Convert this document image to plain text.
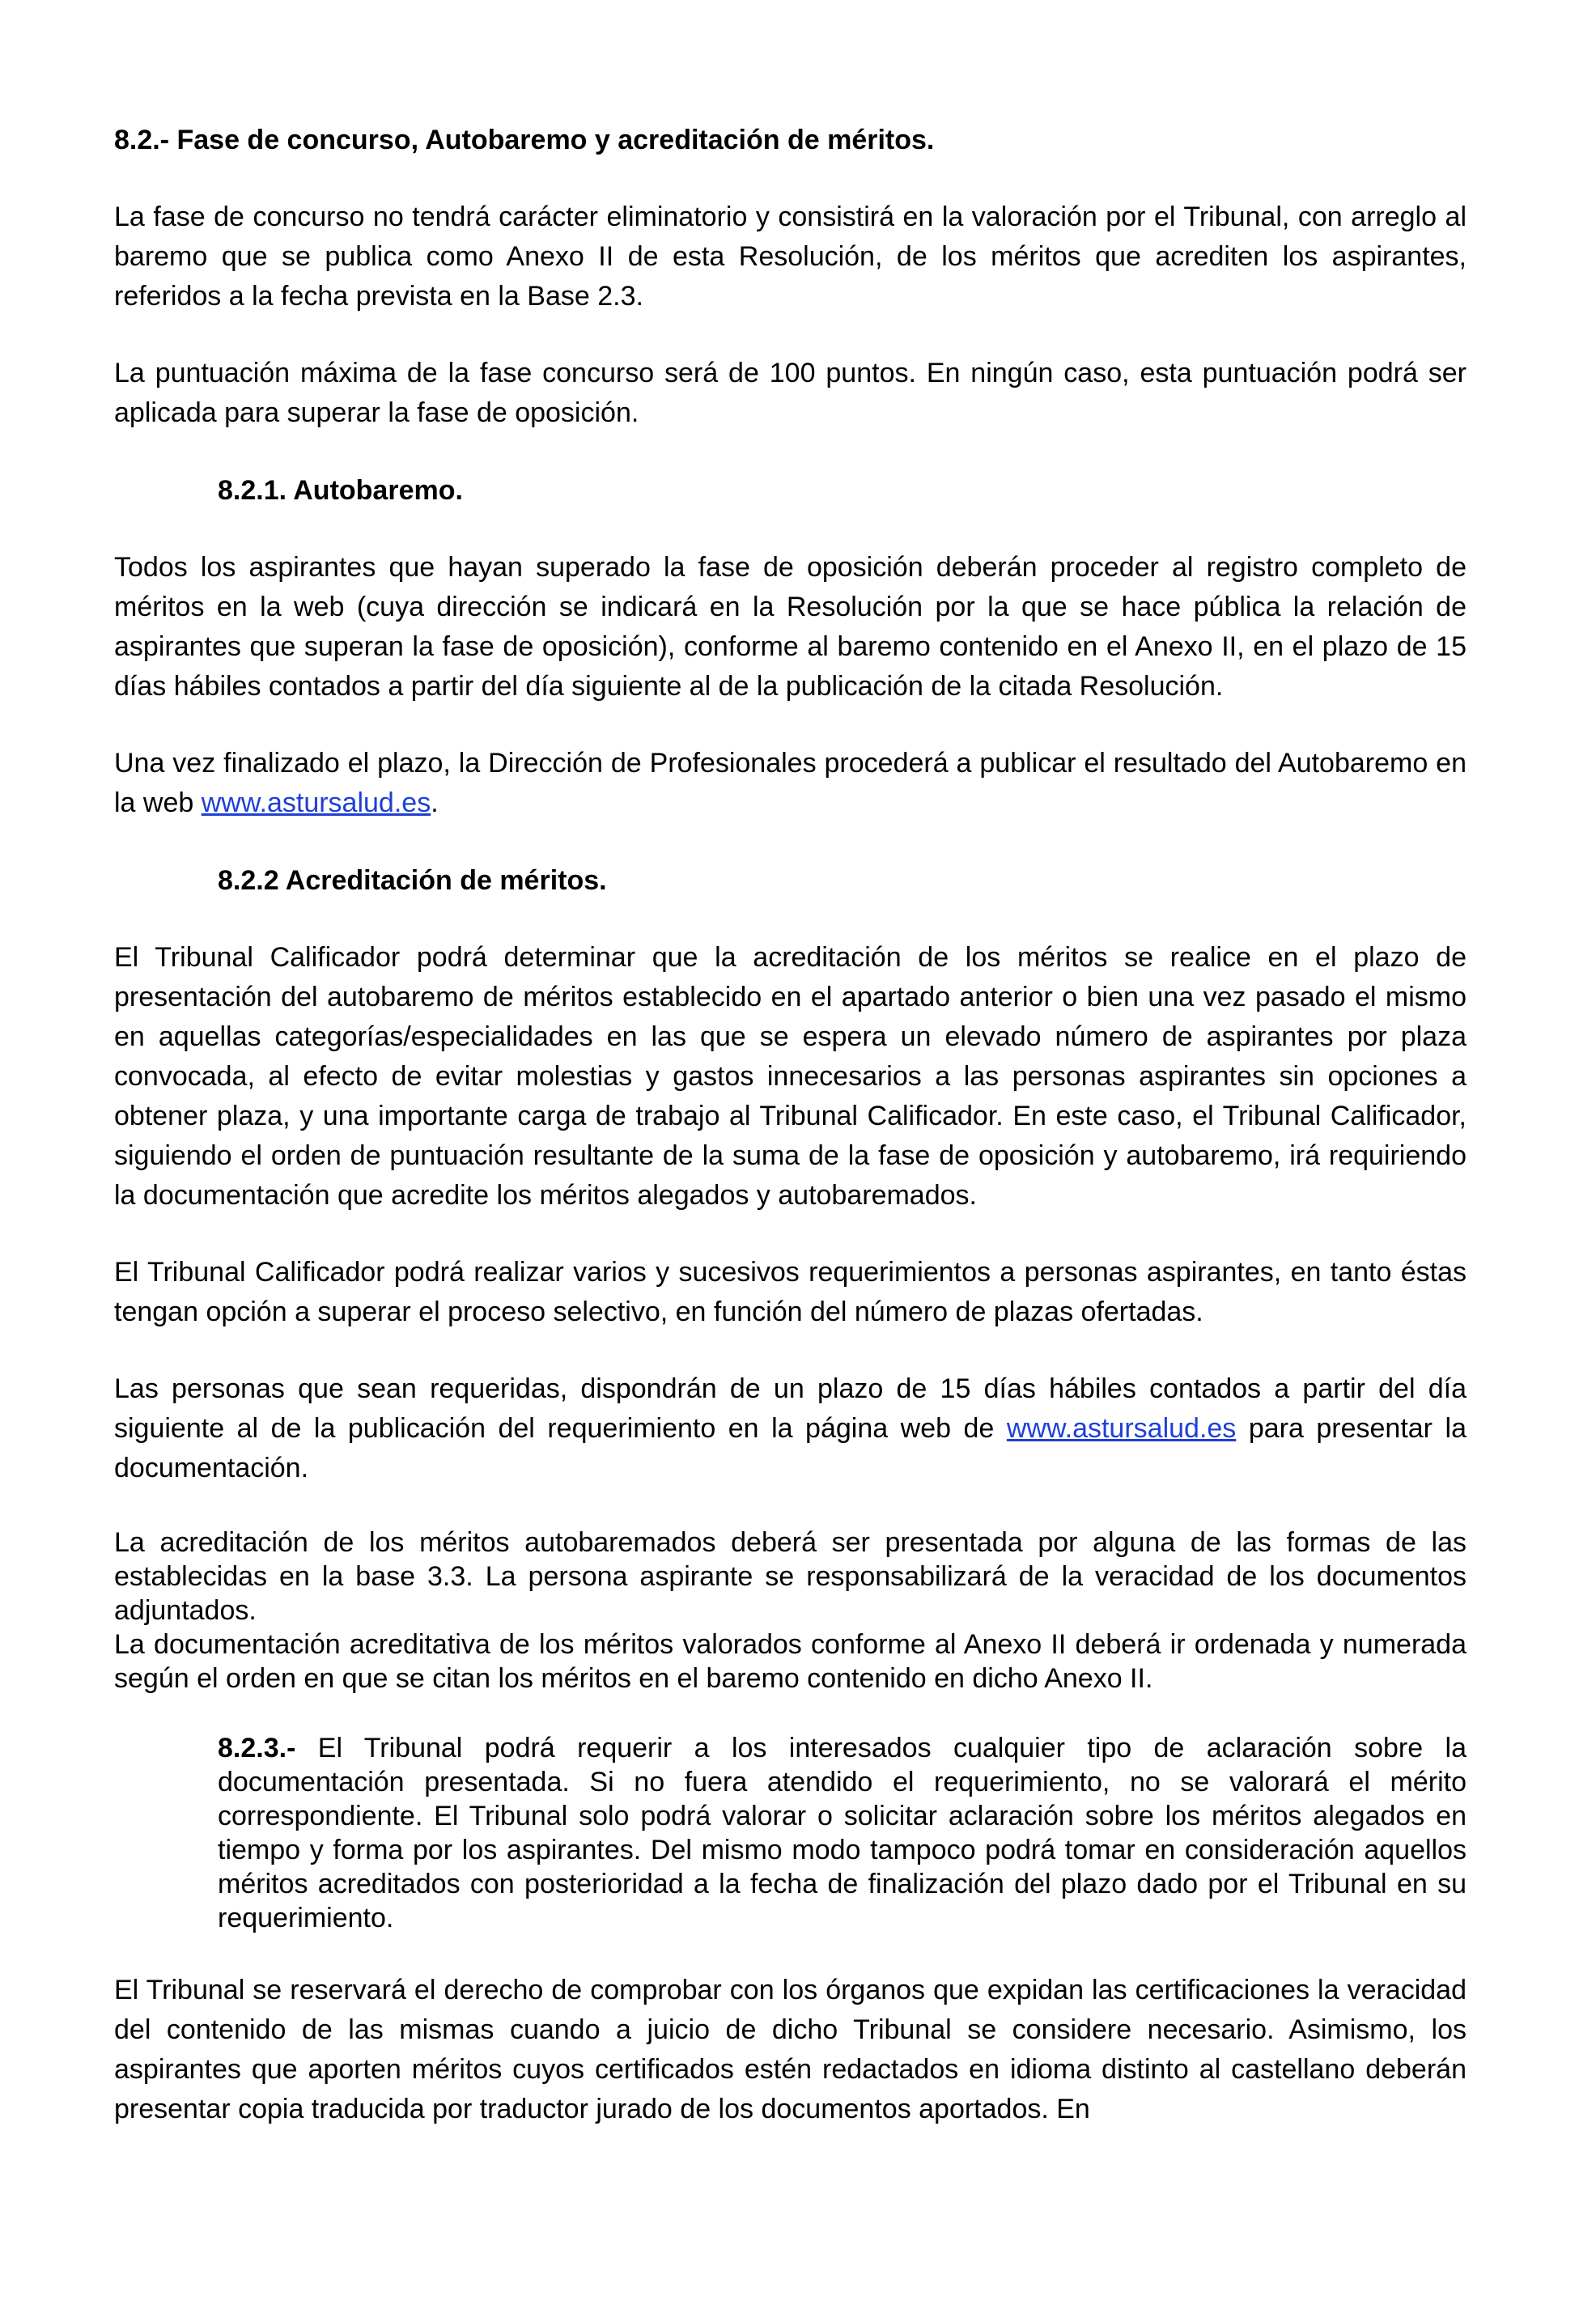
8.2.- Fase de concurso, Autobaremo y acreditación de méritos.

La fase de concurso no tendrá carácter eliminatorio y consistirá en la valoración por el Tribunal, con arreglo al baremo que se publica como Anexo II de esta Resolución, de los méritos que acrediten los aspirantes, referidos a la fecha prevista en la Base 2.3.

La puntuación máxima de la fase concurso será de 100 puntos. En ningún caso, esta puntuación podrá ser aplicada para superar la fase de oposición.

8.2.1. Autobaremo.

Todos los aspirantes que hayan superado la fase de oposición deberán proceder al registro completo de méritos en la web (cuya dirección se indicará en la Resolución por la que se hace pública la relación de aspirantes que superan la fase de oposición), conforme al baremo contenido en el Anexo II, en el plazo de 15 días hábiles contados a partir del día siguiente al de la publicación de la citada Resolución.

Una vez finalizado el plazo, la Dirección de Profesionales procederá a publicar el resultado del Autobaremo en la web www.astursalud.es.

8.2.2 Acreditación de méritos.

El Tribunal Calificador podrá determinar que la acreditación de los méritos se realice en el plazo de presentación del autobaremo de méritos establecido en el apartado anterior o bien una vez pasado el mismo en aquellas categorías/especialidades en las que se espera un elevado número de aspirantes por plaza convocada, al efecto de evitar molestias y gastos innecesarios a las personas aspirantes sin opciones a obtener plaza, y una importante carga de trabajo al Tribunal Calificador. En este caso, el Tribunal Calificador, siguiendo el orden de puntuación resultante de la suma de la fase de oposición y autobaremo, irá requiriendo la documentación que acredite los méritos alegados y autobaremados.

El Tribunal Calificador podrá realizar varios y sucesivos requerimientos a personas aspirantes, en tanto éstas tengan opción a superar el proceso selectivo, en función del número de plazas ofertadas.

Las personas que sean requeridas, dispondrán de un plazo de 15 días hábiles contados a partir del día siguiente al de la publicación del requerimiento en la página web de www.astursalud.es para presentar la documentación.

La acreditación de los méritos autobaremados deberá ser presentada por alguna de las formas de las establecidas en la base 3.3. La persona aspirante se responsabilizará de la veracidad de los documentos adjuntados.

La documentación acreditativa de los méritos valorados conforme al Anexo II deberá ir ordenada y numerada según el orden en que se citan los méritos en el baremo contenido en dicho Anexo II.

8.2.3.- El Tribunal podrá requerir a los interesados cualquier tipo de aclaración sobre la documentación presentada. Si no fuera atendido el requerimiento, no se valorará el mérito correspondiente. El Tribunal solo podrá valorar o solicitar aclaración sobre los méritos alegados en tiempo y forma por los aspirantes. Del mismo modo tampoco podrá tomar en consideración aquellos méritos acreditados con posterioridad a la fecha de finalización del plazo dado por el Tribunal en su requerimiento.

El Tribunal se reservará el derecho de comprobar con los órganos que expidan las certificaciones la veracidad del contenido de las mismas cuando a juicio de dicho Tribunal se considere necesario. Asimismo, los aspirantes que aporten méritos cuyos certificados estén redactados en idioma distinto al castellano deberán presentar copia traducida por traductor jurado de los documentos aportados. En
